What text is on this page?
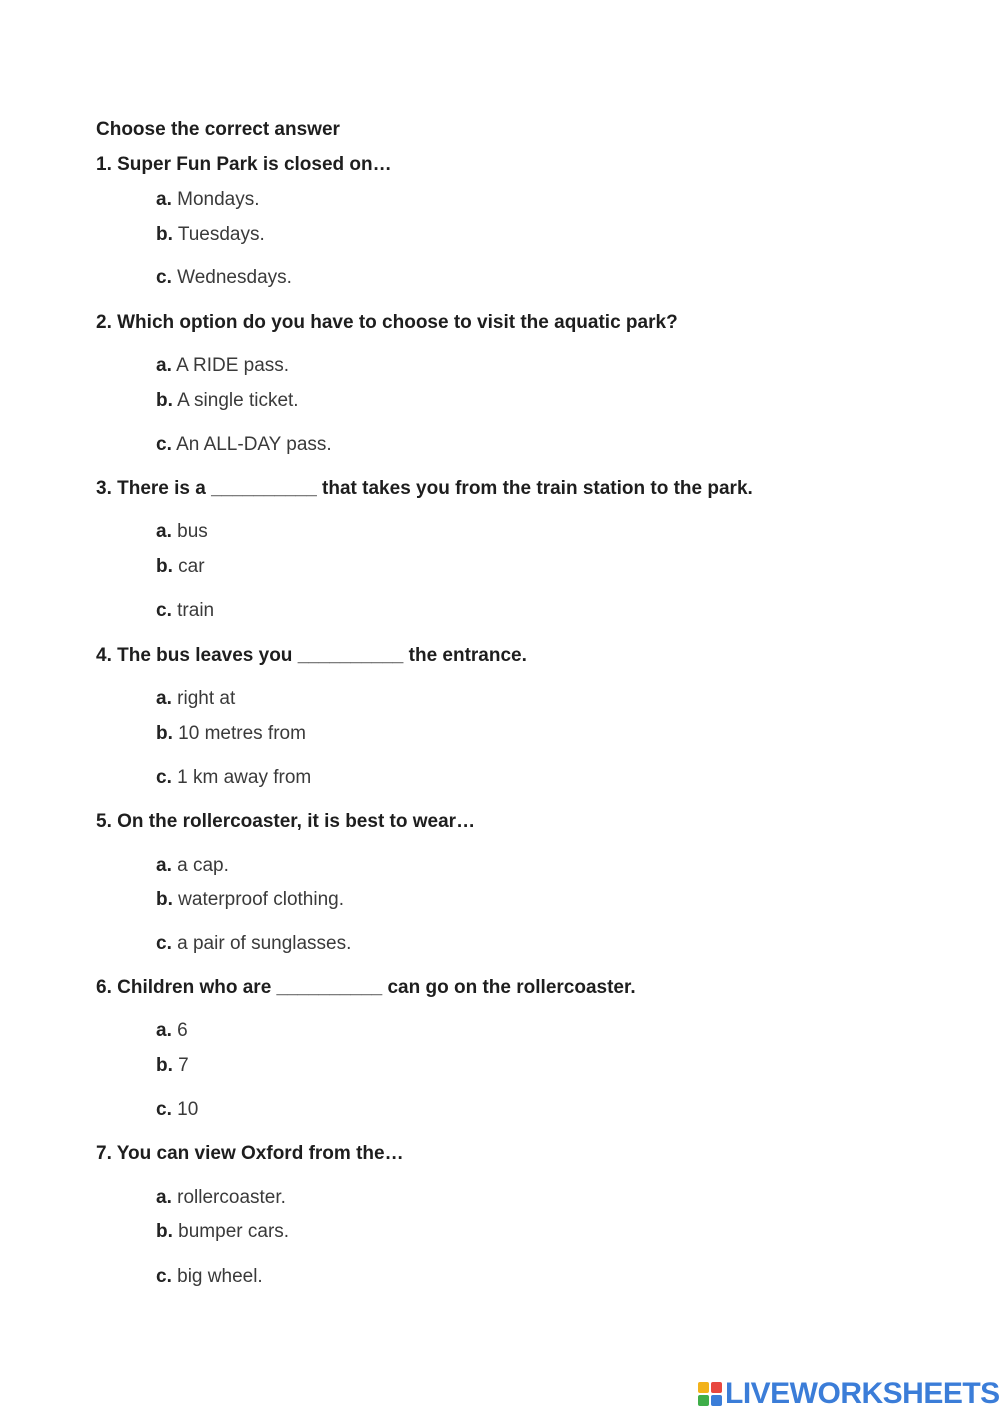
Choose the correct answer

1. Super Fun Park is closed on…

a. Mondays.

b. Tuesdays.

c. Wednesdays.

2. Which option do you have to choose to visit the aquatic park?

a. A RIDE pass.

b. A single ticket.

c. An ALL-DAY pass.

3. There is a __________ that takes you from the train station to the park.

a. bus

b. car

c. train

4. The bus leaves you __________ the entrance.

a. right at

b. 10 metres from

c. 1 km away from

5. On the rollercoaster, it is best to wear…

a. a cap.

b. waterproof clothing.

c. a pair of sunglasses.

6. Children who are __________ can go on the rollercoaster.

a. 6

b. 7

c. 10

7. You can view Oxford from the…

a. rollercoaster.

b. bumper cars.

c. big wheel.

LIVEWORKSHEETS
